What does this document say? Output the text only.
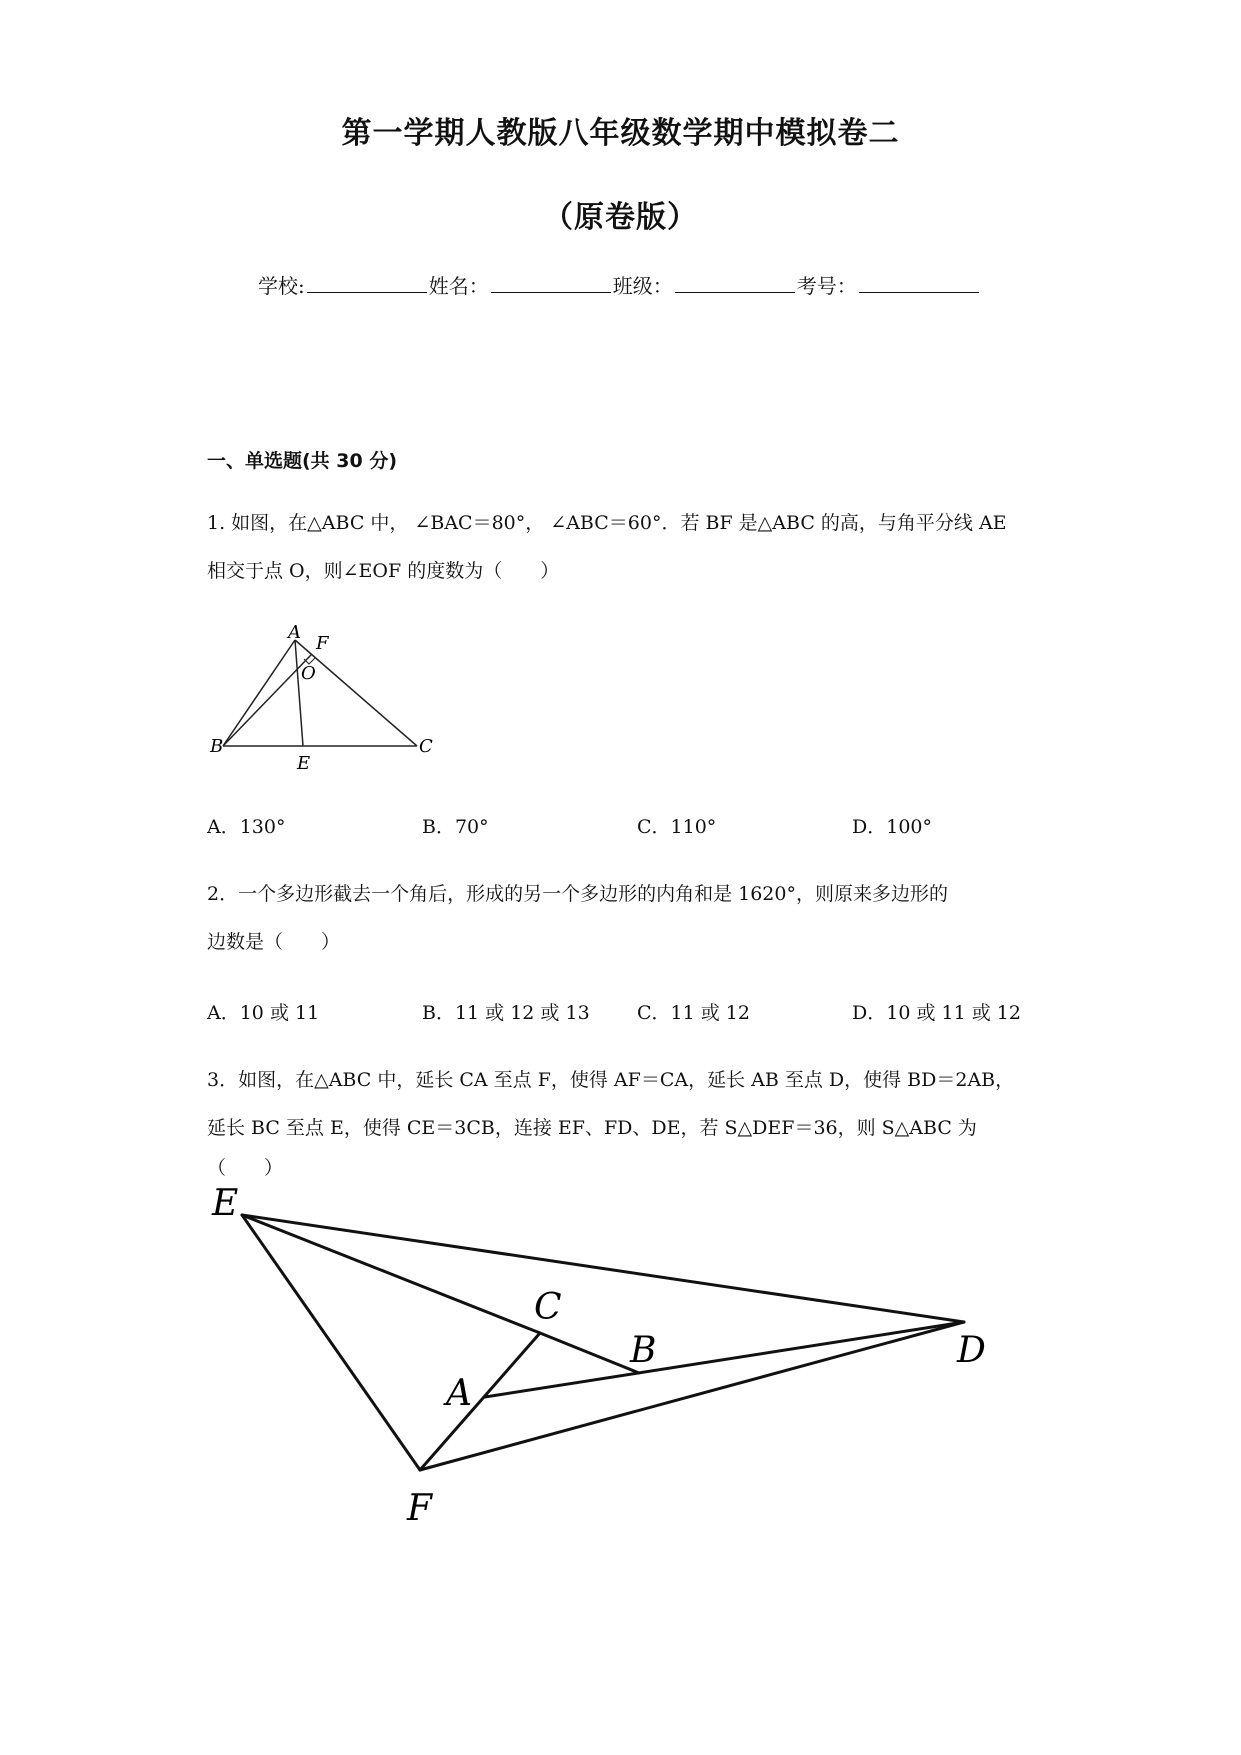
第一学期人教版八年级数学期中模拟卷二
（原卷版）
学校:	姓名：	班级：	考号：
一、单选题(共 30 分)
1. 如图，在△ABC 中， ∠BAC＝80°， ∠ABC＝60°．若 BF 是△ABC 的高，与角平分线 AE
相交于点 O，则∠EOF 的度数为（　　）
A
F
O
B
E
C
A．130°	B．70°	C．110°	D．100°
2．一个多边形截去一个角后，形成的另一个多边形的内角和是 1620°，则原来多边形的
边数是（　　）
A．10 或 11	B．11 或 12 或 13	C．11 或 12	D．10 或 11 或 12
3．如图，在△ABC 中，延长 CA 至点 F，使得 AF＝CA，延长 AB 至点 D，使得 BD＝2AB，
延长 BC 至点 E，使得 CE＝3CB，连接 EF、FD、DE，若 S△DEF＝36，则 S△ABC 为（　　）
E
C
B	D
A
F
